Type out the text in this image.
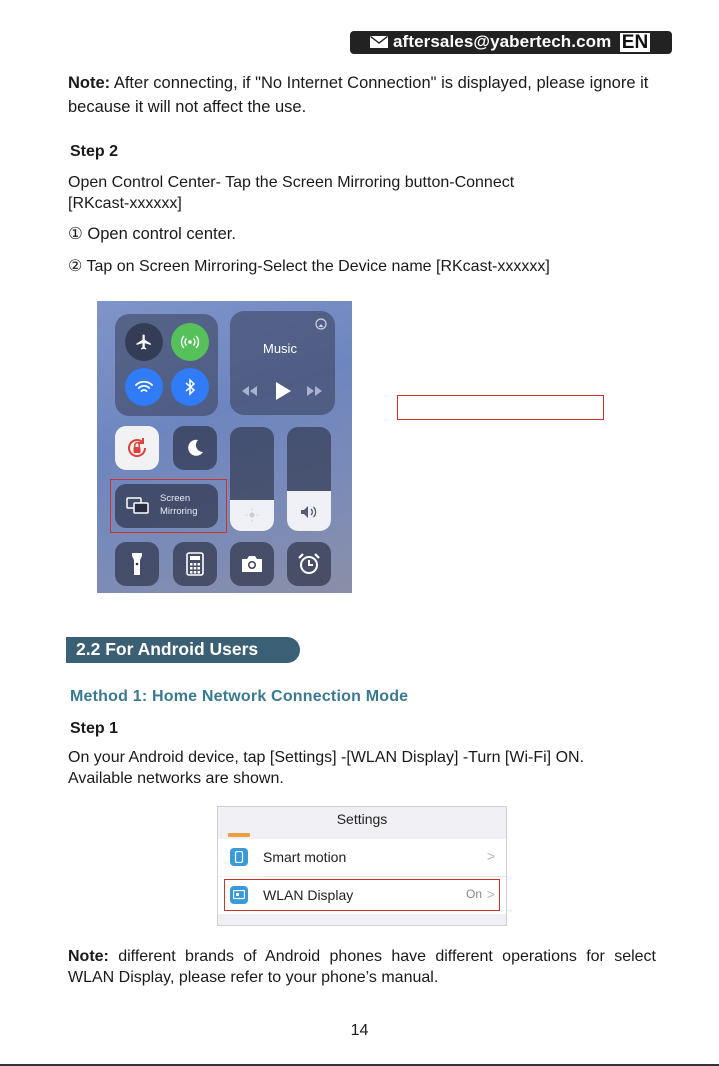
aftersales@yabertech.com EN
Note: After connecting, if "No Internet Connection" is displayed, please ignore it because it will not affect the use.
Step 2
Open Control Center- Tap the Screen Mirroring button-Connect
[RKcast-xxxxxx]
① Open control center.
② Tap on Screen Mirroring-Select the Device name [RKcast-xxxxxx]
Music
Screen
Mirroring
2.2 For Android Users
Method 1: Home Network Connection Mode
Step 1
On your Android device, tap [Settings] -[WLAN Display] -Turn [Wi-Fi] ON.
Available networks are shown.
Settings
Smart motion	>
WLAN Display	On >
Note: different brands of Android phones have different operations for select WLAN Display, please refer to your phone’s manual.
14
